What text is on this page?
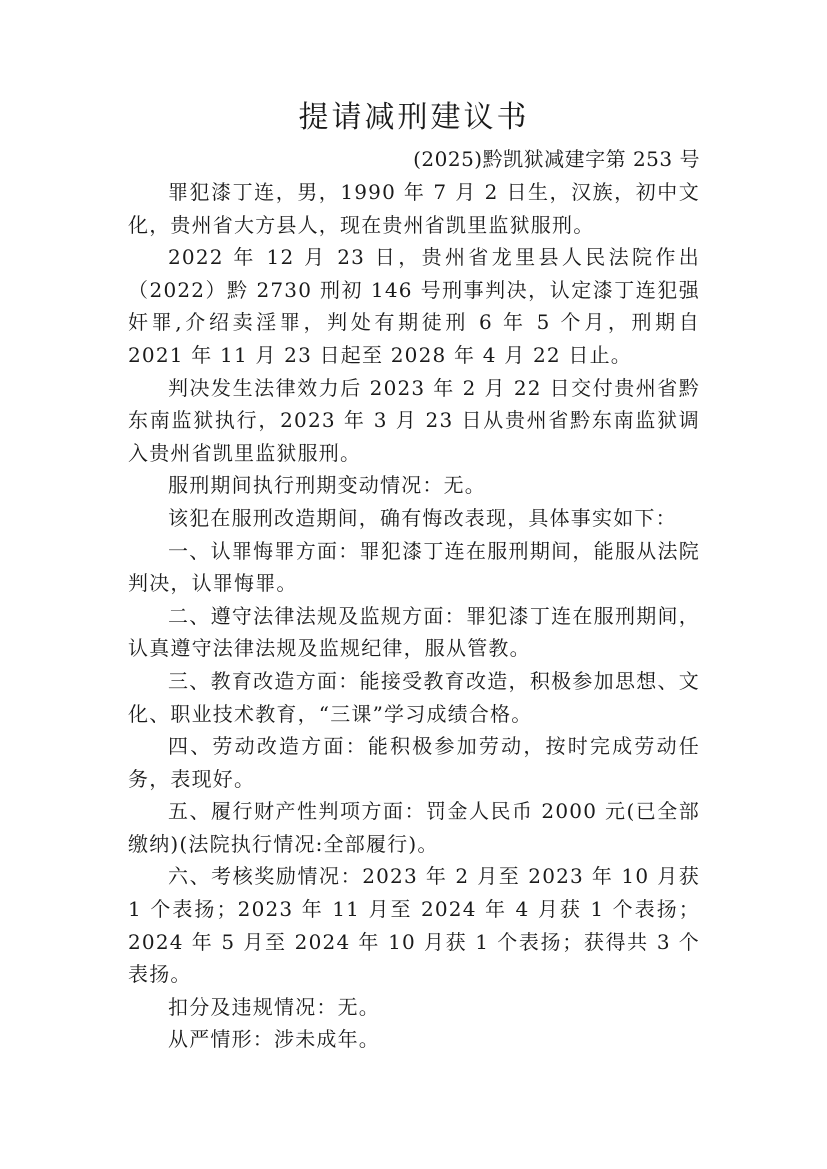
提请减刑建议书
(2025)黔凯狱减建字第 253 号

罪犯漆丁连，男，1990 年 7 月 2 日生，汉族，初中文化，贵州省大方县人，现在贵州省凯里监狱服刑。

2022 年 12 月 23 日，贵州省龙里县人民法院作出（2022）黔 2730 刑初 146 号刑事判决，认定漆丁连犯强奸罪,介绍卖淫罪，判处有期徒刑 6 年 5 个月，刑期自 2021 年 11 月 23 日起至 2028 年 4 月 22 日止。

判决发生法律效力后 2023 年 2 月 22 日交付贵州省黔东南监狱执行，2023 年 3 月 23 日从贵州省黔东南监狱调入贵州省凯里监狱服刑。

服刑期间执行刑期变动情况：无。

该犯在服刑改造期间，确有悔改表现，具体事实如下：

一、认罪悔罪方面：罪犯漆丁连在服刑期间，能服从法院判决，认罪悔罪。

二、遵守法律法规及监规方面：罪犯漆丁连在服刑期间，认真遵守法律法规及监规纪律，服从管教。

三、教育改造方面：能接受教育改造，积极参加思想、文化、职业技术教育，“三课”学习成绩合格。

四、劳动改造方面：能积极参加劳动，按时完成劳动任务，表现好。

五、履行财产性判项方面：罚金人民币 2000 元(已全部缴纳)(法院执行情况:全部履行)。

六、考核奖励情况：2023 年 2 月至 2023 年 10 月获 1 个表扬；2023 年 11 月至 2024 年 4 月获 1 个表扬；2024 年 5 月至 2024 年 10 月获 1 个表扬；获得共 3 个表扬。

扣分及违规情况：无。

从严情形：涉未成年。
